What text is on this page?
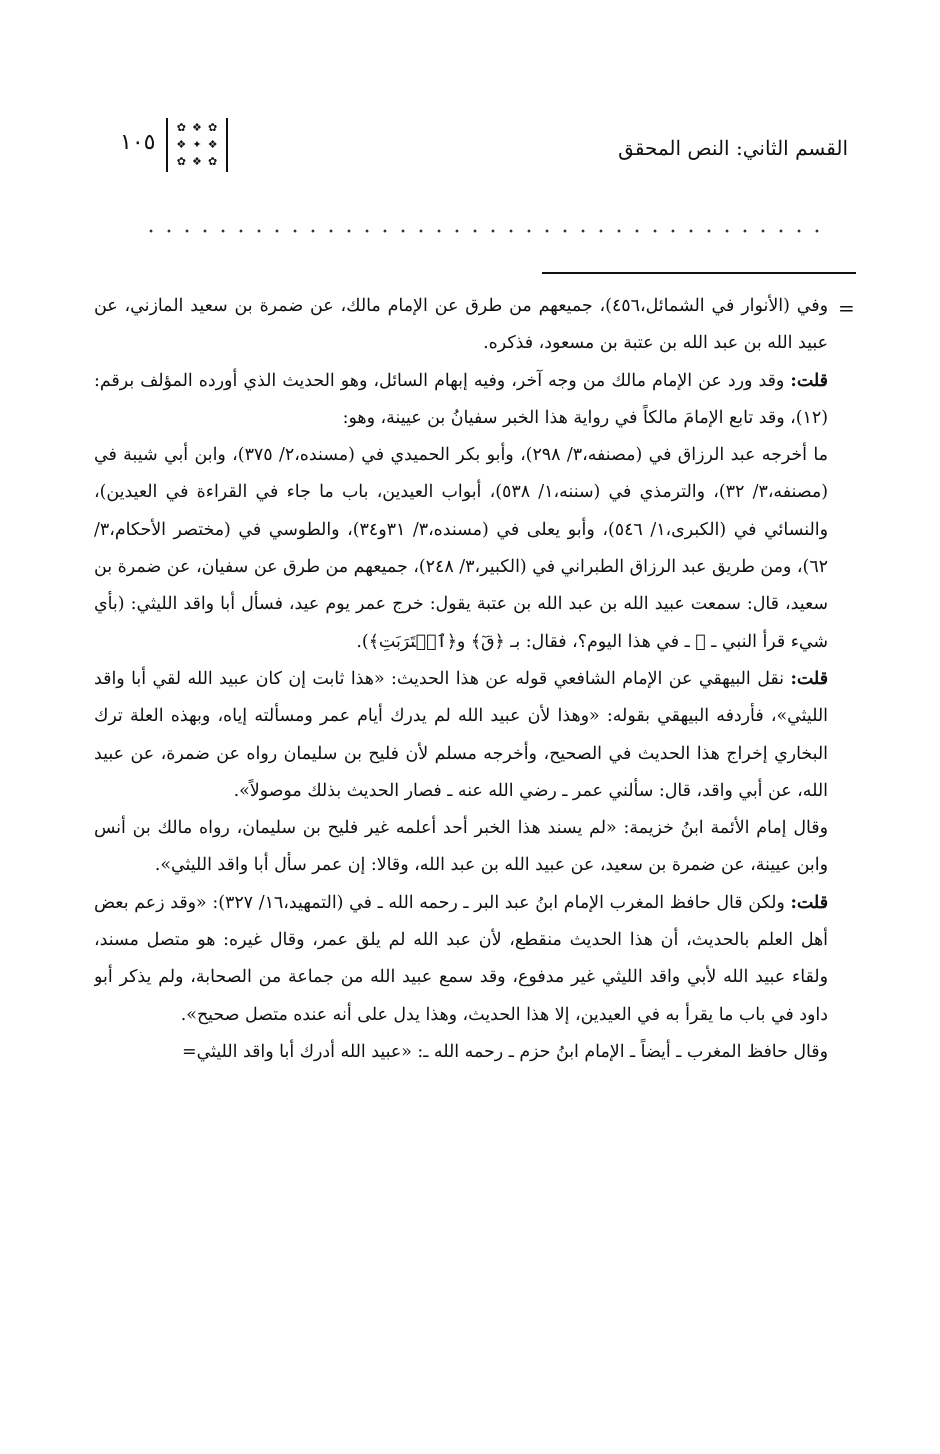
القسم الثاني: النص المحقق
✿ ❖ ✿
❖ ✦ ❖
✿ ❖ ✿
١٠٥
=

وفي (الأنوار في الشمائل،٤٥٦)، جميعهم من طرق عن الإمام مالك، عن ضمرة بن سعيد المازني، عن عبيد الله بن عبد الله بن عتبة بن مسعود، فذكره.

قلت: وقد ورد عن الإمام مالك من وجه آخر، وفيه إبهام السائل، وهو الحديث الذي أورده المؤلف برقم: (١٢)، وقد تابع الإمامَ مالكاً في رواية هذا الخبر سفيانُ بن عيينة، وهو:

ما أخرجه عبد الرزاق في (مصنفه،٣/ ٢٩٨)، وأبو بكر الحميدي في (مسنده،٢/ ٣٧٥)، وابن أبي شيبة في (مصنفه،٣/ ٣٢)، والترمذي في (سننه،١/ ٥٣٨)، أبواب العيدين، باب ما جاء في القراءة في العيدين)، والنسائي في (الكبرى،١/ ٥٤٦)، وأبو يعلى في (مسنده،٣/ ٣١و٣٤)، والطوسي في (مختصر الأحكام،٣/ ٦٢)، ومن طريق عبد الرزاق الطبراني في (الكبير،٣/ ٢٤٨)، جميعهم من طرق عن سفيان، عن ضمرة بن سعيد، قال: سمعت عبيد الله بن عبد الله بن عتبة يقول: خرج عمر يوم عيد، فسأل أبا واقد الليثي: (بأي شيء قرأ النبي ـ ﷺ ـ في هذا اليوم؟، فقال: بـ ﴿قٓ﴾ و﴿ٱقۡتَرَبَتِ﴾).

قلت: نقل البيهقي عن الإمام الشافعي قوله عن هذا الحديث: «هذا ثابت إن كان عبيد الله لقي أبا واقد الليثي»، فأردفه البيهقي بقوله: «وهذا لأن عبيد الله لم يدرك أيام عمر ومسألته إياه، وبهذه العلة ترك البخاري إخراج هذا الحديث في الصحيح، وأخرجه مسلم لأن فليح بن سليمان رواه عن ضمرة، عن عبيد الله، عن أبي واقد، قال: سألني عمر ـ رضي الله عنه ـ فصار الحديث بذلك موصولاً».

وقال إمام الأئمة ابنُ خزيمة: «لم يسند هذا الخبر أحد أعلمه غير فليح بن سليمان، رواه مالك بن أنس وابن عيينة، عن ضمرة بن سعيد، عن عبيد الله بن عبد الله، وقالا: إن عمر سأل أبا واقد الليثي».

قلت: ولكن قال حافظ المغرب الإمام ابنُ عبد البر ـ رحمه الله ـ في (التمهيد،١٦/ ٣٢٧): «وقد زعم بعض أهل العلم بالحديث، أن هذا الحديث منقطع، لأن عبد الله لم يلق عمر، وقال غيره: هو متصل مسند، ولقاء عبيد الله لأبي واقد الليثي غير مدفوع، وقد سمع عبيد الله من جماعة من الصحابة، ولم يذكر أبو داود في باب ما يقرأ به في العيدين، إلا هذا الحديث، وهذا يدل على أنه عنده متصل صحيح».

وقال حافظ المغرب ـ أيضاً ـ الإمام ابنُ حزم ـ رحمه الله ـ: «عبيد الله أدرك أبا واقد الليثي=
